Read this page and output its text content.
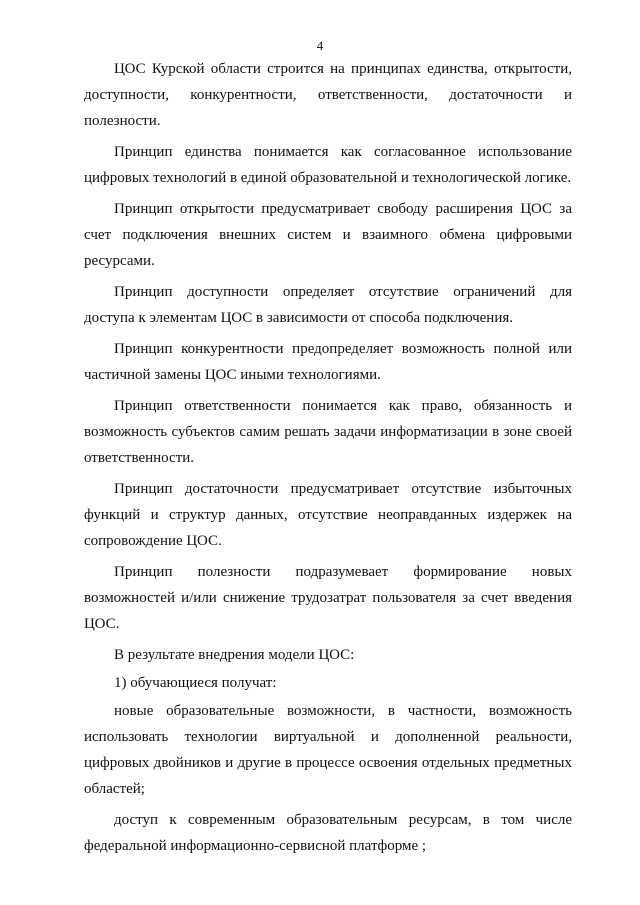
4

ЦОС Курской области строится на принципах единства, открытости, доступности, конкурентности, ответственности, достаточности и полезности.

Принцип единства понимается как согласованное использование цифровых технологий в единой образовательной и технологической логике.

Принцип открытости предусматривает свободу расширения ЦОС за счет подключения внешних систем и взаимного обмена цифровыми ресурсами.

Принцип доступности определяет отсутствие ограничений для доступа к элементам ЦОС в зависимости от способа подключения.

Принцип конкурентности предопределяет возможность полной или частичной замены ЦОС иными технологиями.

Принцип ответственности понимается как право, обязанность и возможность субъектов самим решать задачи информатизации в зоне своей ответственности.

Принцип достаточности предусматривает отсутствие избыточных функций и структур данных, отсутствие неоправданных издержек на сопровождение ЦОС.

Принцип полезности подразумевает формирование новых возможностей и/или снижение трудозатрат пользователя за счет введения ЦОС.

В результате внедрения модели ЦОС:

1) обучающиеся получат:

новые образовательные возможности, в частности, возможность использовать технологии виртуальной и дополненной реальности, цифровых двойников и другие в процессе освоения отдельных предметных областей;

доступ к современным образовательным ресурсам, в том числе федеральной информационно-сервисной платформе ;
